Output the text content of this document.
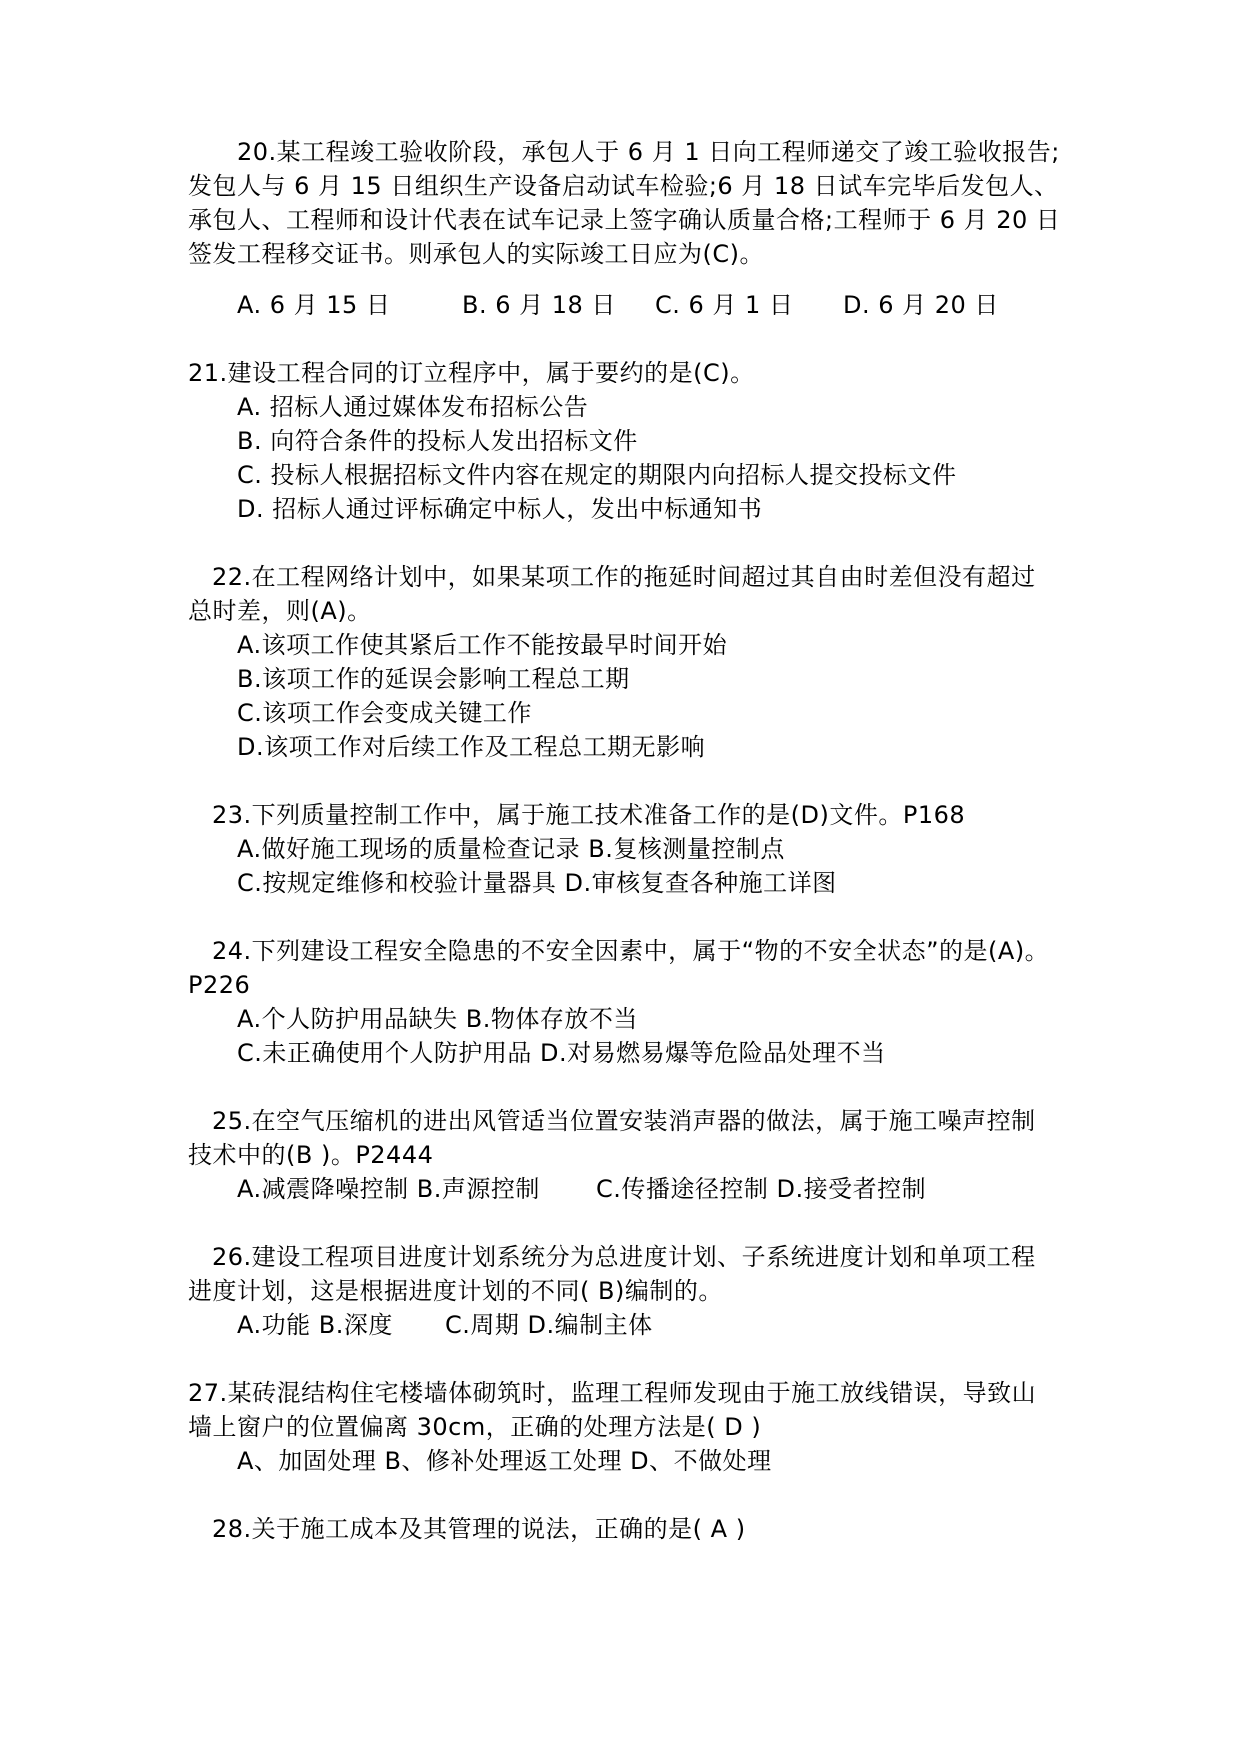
20.某工程竣工验收阶段，承包人于 6 月 1 日向工程师递交了竣工验收报告;
发包人与 6 月 15 日组织生产设备启动试车检验;6 月 18 日试车完毕后发包人、
承包人、工程师和设计代表在试车记录上签字确认质量合格;工程师于 6 月 20 日
签发工程移交证书。则承包人的实际竣工日应为(C)。
A. 6 月 15 日	B. 6 月 18 日 C. 6 月 1 日 D. 6 月 20 日
21.建设工程合同的订立程序中，属于要约的是(C)。
A. 招标人通过媒体发布招标公告
B. 向符合条件的投标人发出招标文件
C. 投标人根据招标文件内容在规定的期限内向招标人提交投标文件
D. 招标人通过评标确定中标人，发出中标通知书
22.在工程网络计划中，如果某项工作的拖延时间超过其自由时差但没有超过
总时差，则(A)。
A.该项工作使其紧后工作不能按最早时间开始
B.该项工作的延误会影响工程总工期
C.该项工作会变成关键工作
D.该项工作对后续工作及工程总工期无影响
23.下列质量控制工作中，属于施工技术准备工作的是(D)文件。P168
A.做好施工现场的质量检查记录 B.复核测量控制点
C.按规定维修和校验计量器具 D.审核复查各种施工详图
24.下列建设工程安全隐患的不安全因素中，属于“物的不安全状态”的是(A)。
P226
A.个人防护用品缺失 B.物体存放不当
C.未正确使用个人防护用品 D.对易燃易爆等危险品处理不当
25.在空气压缩机的进出风管适当位置安装消声器的做法，属于施工噪声控制
技术中的(B )。P2444
A.减震降噪控制 B.声源控制 C.传播途径控制 D.接受者控制
26.建设工程项目进度计划系统分为总进度计划、子系统进度计划和单项工程
进度计划，这是根据进度计划的不同( B)编制的。
A.功能 B.深度 C.周期 D.编制主体
27.某砖混结构住宅楼墙体砌筑时，监理工程师发现由于施工放线错误，导致山
墙上窗户的位置偏离 30cm，正确的处理方法是( D )
A、加固处理 B、修补处理返工处理 D、不做处理
28.关于施工成本及其管理的说法，正确的是( A )
